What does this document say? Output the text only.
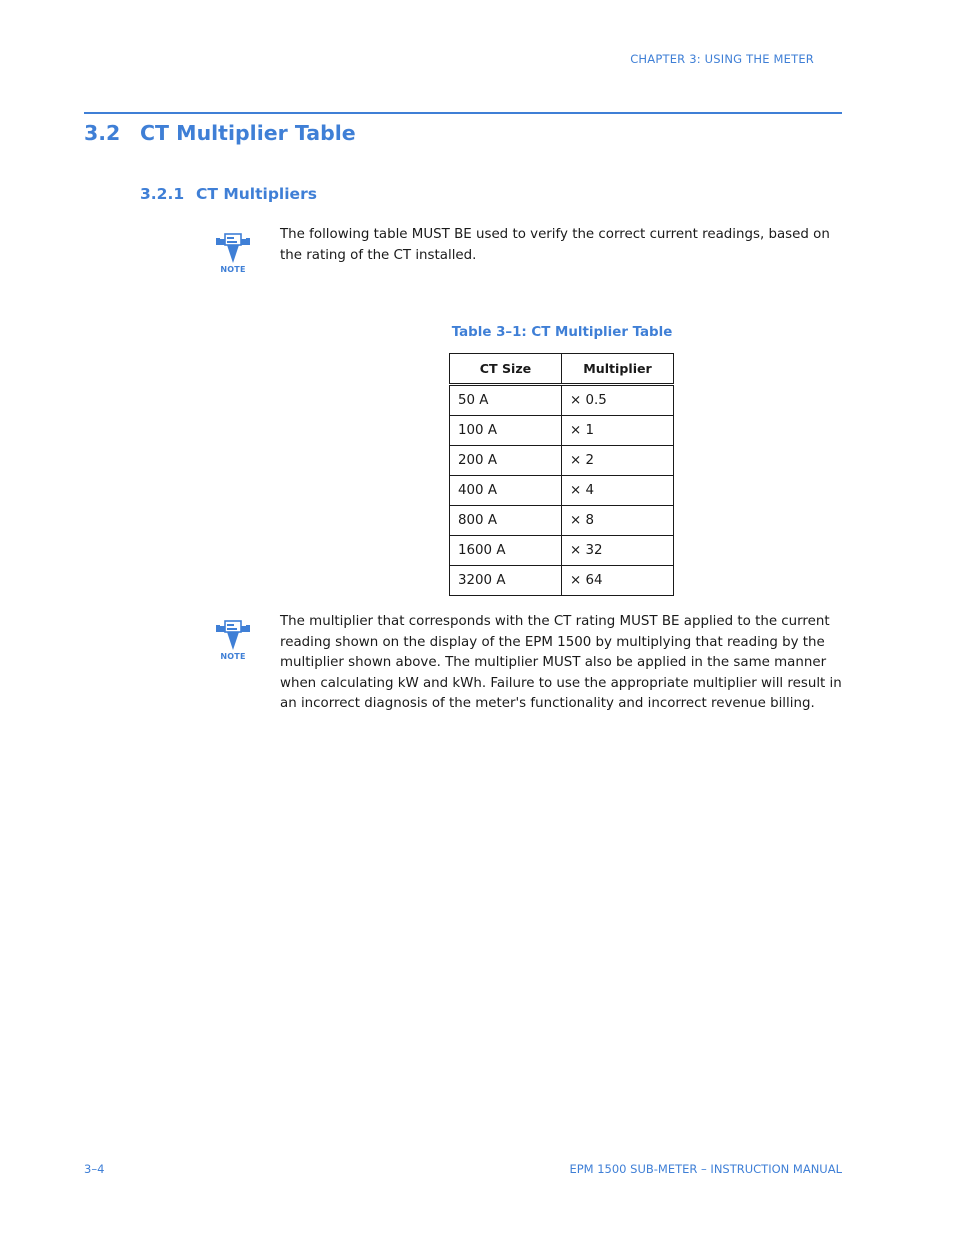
CHAPTER 3: USING THE METER
3.2 CT Multiplier Table
3.2.1 CT Multipliers
NOTE
The following table MUST BE used to verify the correct current readings, based on the rating of the CT installed.
Table 3–1: CT Multiplier Table
CT Size	Multiplier
50 A	× 0.5
100 A	× 1
200 A	× 2
400 A	× 4
800 A	× 8
1600 A	× 32
3200 A	× 64
NOTE
The multiplier that corresponds with the CT rating MUST BE applied to the current reading shown on the display of the EPM 1500 by multiplying that reading by the multiplier shown above. The multiplier MUST also be applied in the same manner when calculating kW and kWh. Failure to use the appropriate multiplier will result in an incorrect diagnosis of the meter's functionality and incorrect revenue billing.
3–4	EPM 1500 SUB-METER – INSTRUCTION MANUAL
